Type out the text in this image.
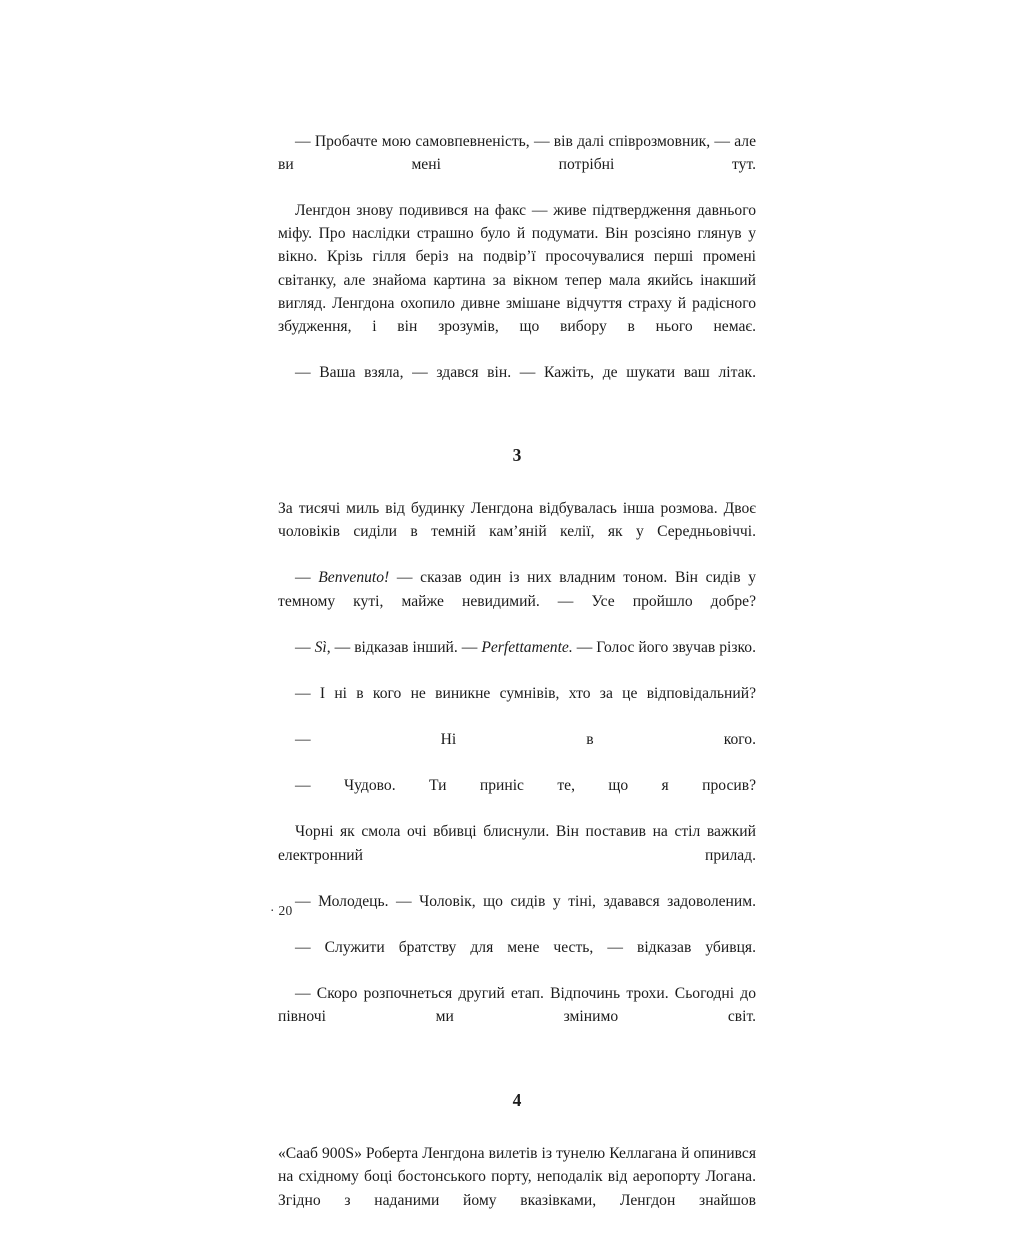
— Пробачте мою самовпевненість, — вів далі співрозмовник, — але ви мені потрібні тут.

Ленгдон знову подивився на факс — живе підтвердження давнього міфу. Про наслідки страшно було й подумати. Він розсіяно глянув у вікно. Крізь гілля беріз на подвір’ї просочувалися перші промені світанку, але знайома картина за вікном тепер мала якийсь інакший вигляд. Ленгдона охопило дивне змішане відчуття страху й радісного збудження, і він зрозумів, що вибору в нього немає.

— Ваша взяла, — здався він. — Кажіть, де шукати ваш літак.

3

За тисячі миль від будинку Ленгдона відбувалась інша розмова. Двоє чоловіків сиділи в темній кам’яній келії, як у Середньовіччі.

— Benvenuto! — сказав один із них владним тоном. Він сидів у темному куті, майже невидимий. — Усе пройшло добре?

— Sì, — відказав інший. — Perfettamente. — Голос його звучав різко.

— І ні в кого не виникне сумнівів, хто за це відповідальний?

— Ні в кого.

— Чудово. Ти приніс те, що я просив?

Чорні як смола очі вбивці блиснули. Він поставив на стіл важкий електронний прилад.

— Молодець. — Чоловік, що сидів у тіні, здавався задоволеним.

— Служити братству для мене честь, — відказав убивця.

— Скоро розпочнеться другий етап. Відпочинь трохи. Сьогодні до півночі ми змінимо світ.

4

«Сааб 900S» Роберта Ленгдона вилетів із тунелю Келлагана й опинився на східному боці бостонського порту, неподалік від аеропорту Логана. Згідно з наданими йому вказівками, Ленгдон знайшов

· 20
